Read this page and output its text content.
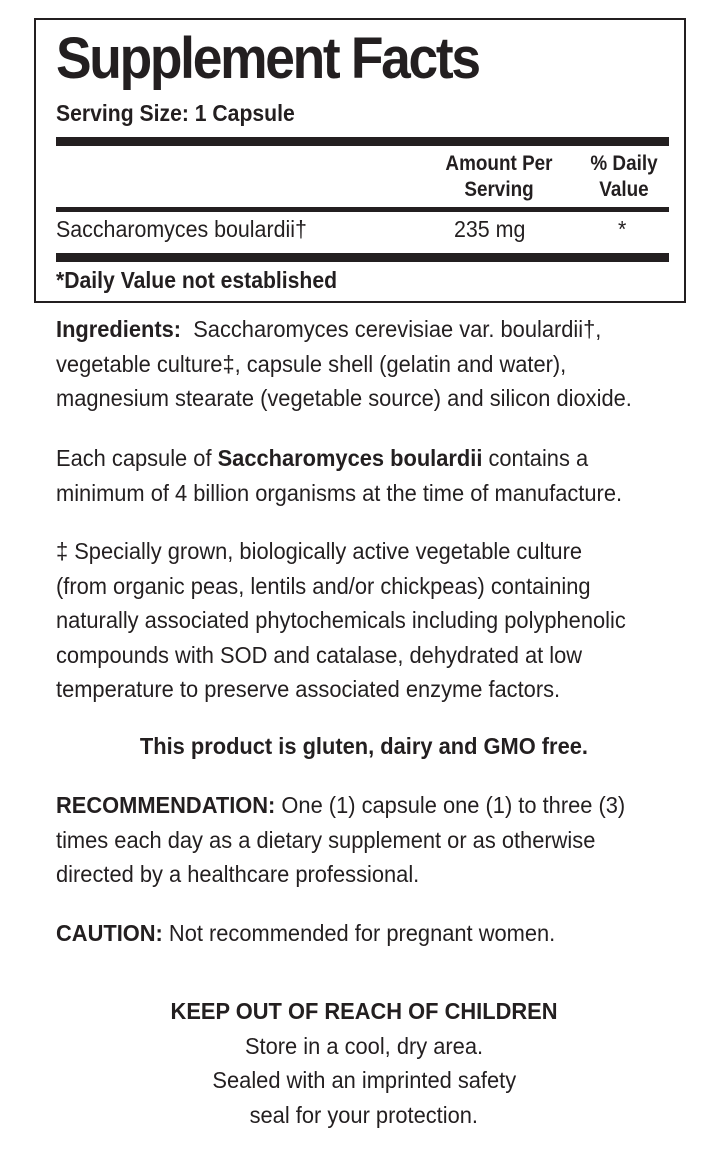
Supplement Facts
Serving Size: 1 Capsule
Amount Per
Serving
% Daily
Value
Saccharomyces boulardii†	235 mg	*
*Daily Value not established
Ingredients: Saccharomyces cerevisiae var. boulardii†,
vegetable culture‡, capsule shell (gelatin and water),
magnesium stearate (vegetable source) and silicon dioxide.
Each capsule of Saccharomyces boulardii contains a
minimum of 4 billion organisms at the time of manufacture.
‡ Specially grown, biologically active vegetable culture
(from organic peas, lentils and/or chickpeas) containing
naturally associated phytochemicals including polyphenolic
compounds with SOD and catalase, dehydrated at low
temperature to preserve associated enzyme factors.
This product is gluten, dairy and GMO free.
RECOMMENDATION: One (1) capsule one (1) to three (3)
times each day as a dietary supplement or as otherwise
directed by a healthcare professional.
CAUTION: Not recommended for pregnant women.
KEEP OUT OF REACH OF CHILDREN
Store in a cool, dry area.
Sealed with an imprinted safety
seal for your protection.
